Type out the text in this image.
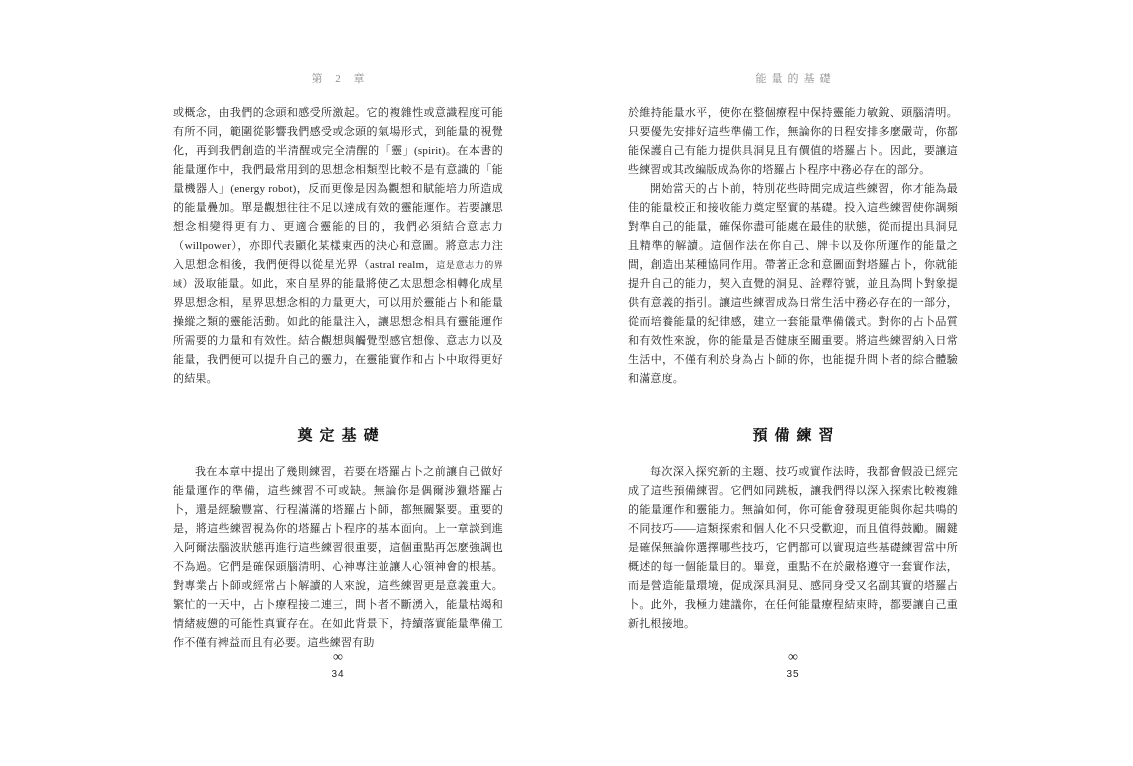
第 2 章

或概念，由我們的念頭和感受所激起。它的複雜性或意識程度可能有所不同，範圍從影響我們感受或念頭的氣場形式，到能量的視覺化，再到我們創造的半清醒或完全清醒的「靈」(spirit)。在本書的能量運作中，我們最常用到的思想念相類型比較不是有意識的「能量機器人」(energy robot)，反而更像是因為觀想和賦能培力所造成的能量疊加。單是觀想往往不足以達成有效的靈能運作。若要讓思想念相變得更有力、更適合靈能的目的，我們必須結合意志力（willpower），亦即代表顯化某樣東西的決心和意圖。將意志力注入思想念相後，我們便得以從星光界（astral realm，這是意志力的界域）汲取能量。如此，來自星界的能量將使乙太思想念相轉化成星界思想念相，星界思想念相的力量更大，可以用於靈能占卜和能量操縱之類的靈能活動。如此的能量注入，讓思想念相具有靈能運作所需要的力量和有效性。結合觀想與觸覺型感官想像、意志力以及能量，我們便可以提升自己的靈力，在靈能實作和占卜中取得更好的結果。

奠定基礎

我在本章中提出了幾則練習，若要在塔羅占卜之前讓自己做好能量運作的準備，這些練習不可或缺。無論你是偶爾涉獵塔羅占卜，還是經驗豐富、行程滿滿的塔羅占卜師，都無關緊要。重要的是，將這些練習視為你的塔羅占卜程序的基本面向。上一章談到進入阿爾法腦波狀態再進行這些練習很重要，這個重點再怎麼強調也不為過。它們是確保頭腦清明、心神專注並讓人心領神會的根基。對專業占卜師或經常占卜解讀的人來說，這些練習更是意義重大。繁忙的一天中，占卜療程接二連三，問卜者不斷湧入，能量枯竭和情緒疲憊的可能性真實存在。在如此背景下，持續落實能量準備工作不僅有裨益而且有必要。這些練習有助

∞
34
能量的基礎

於維持能量水平，使你在整個療程中保持靈能力敏銳、頭腦清明。只要優先安排好這些準備工作，無論你的日程安排多麼嚴苛，你都能保護自己有能力提供具洞見且有價值的塔羅占卜。因此，要讓這些練習或其改編版成為你的塔羅占卜程序中務必存在的部分。

開始當天的占卜前，特別花些時間完成這些練習，你才能為最佳的能量校正和接收能力奠定堅實的基礎。投入這些練習使你調頻對準自己的能量，確保你盡可能處在最佳的狀態，從而提出具洞見且精準的解讀。這個作法在你自己、牌卡以及你所運作的能量之間，創造出某種協同作用。帶著正念和意圖面對塔羅占卜，你就能提升自己的能力，契入直覺的洞見、詮釋符號，並且為問卜對象提供有意義的指引。讓這些練習成為日常生活中務必存在的一部分，從而培養能量的紀律感，建立一套能量準備儀式。對你的占卜品質和有效性來說，你的能量是否健康至關重要。將這些練習納入日常生活中，不僅有利於身為占卜師的你，也能提升問卜者的綜合體驗和滿意度。

預備練習

每次深入探究新的主題、技巧或實作法時，我都會假設已經完成了這些預備練習。它們如同跳板，讓我們得以深入探索比較複雜的能量運作和靈能力。無論如何，你可能會發現更能與你起共鳴的不同技巧——這類探索和個人化不只受歡迎，而且值得鼓勵。關鍵是確保無論你選擇哪些技巧，它們都可以實現這些基礎練習當中所概述的每一個能量目的。畢竟，重點不在於嚴格遵守一套實作法，而是營造能量環境，促成深具洞見、感同身受又名副其實的塔羅占卜。此外，我極力建議你，在任何能量療程結束時，都要讓自己重新扎根接地。

∞
35
